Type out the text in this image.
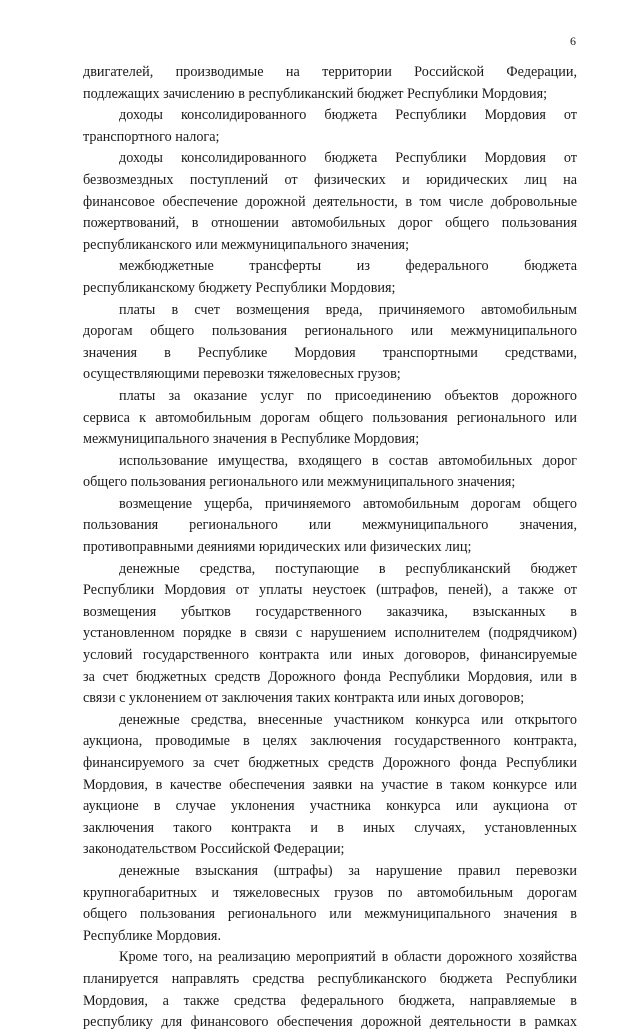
6
двигателей, производимые на территории Российской Федерации,
подлежащих зачислению в республиканский бюджет Республики Мордовия;
доходы консолидированного бюджета Республики Мордовия от
транспортного налога;
доходы консолидированного бюджета Республики Мордовия от
безвозмездных поступлений от физических и юридических лиц на
финансовое обеспечение дорожной деятельности, в том числе добровольные
пожертвований, в отношении автомобильных дорог общего пользования
республиканского или межмуниципального значения;
межбюджетные трансферты из федерального бюджета
республиканскому бюджету Республики Мордовия;
платы в счет возмещения вреда, причиняемого автомобильным
дорогам общего пользования регионального или межмуниципального
значения в Республике Мордовия транспортными средствами,
осуществляющими перевозки тяжеловесных грузов;
платы за оказание услуг по присоединению объектов дорожного
сервиса к автомобильным дорогам общего пользования регионального или
межмуниципального значения в Республике Мордовия;
использование имущества, входящего в состав автомобильных дорог
общего пользования регионального или межмуниципального значения;
возмещение ущерба, причиняемого автомобильным дорогам общего
пользования регионального или межмуниципального значения,
противоправными деяниями юридических или физических лиц;
денежные средства, поступающие в республиканский бюджет
Республики Мордовия от уплаты неустоек (штрафов, пеней), а также от
возмещения убытков государственного заказчика, взысканных в
установленном порядке в связи с нарушением исполнителем (подрядчиком)
условий государственного контракта или иных договоров, финансируемые
за счет бюджетных средств Дорожного фонда Республики Мордовия, или в
связи с уклонением от заключения таких контракта или иных договоров;
денежные средства, внесенные участником конкурса или открытого
аукциона, проводимые в целях заключения государственного контракта,
финансируемого за счет бюджетных средств Дорожного фонда Республики
Мордовия, в качестве обеспечения заявки на участие в таком конкурсе или
аукционе в случае уклонения участника конкурса или аукциона от
заключения такого контракта и в иных случаях, установленных
законодательством Российской Федерации;
денежные взыскания (штрафы) за нарушение правил перевозки
крупногабаритных и тяжеловесных грузов по автомобильным дорогам
общего пользования регионального или межмуниципального значения в
Республике Мордовия.
Кроме того, на реализацию мероприятий в области дорожного хозяйства
планируется направлять средства республиканского бюджета Республики
Мордовия, а также средства федерального бюджета, направляемые в
республику для финансового обеспечения дорожной деятельности в рамках
